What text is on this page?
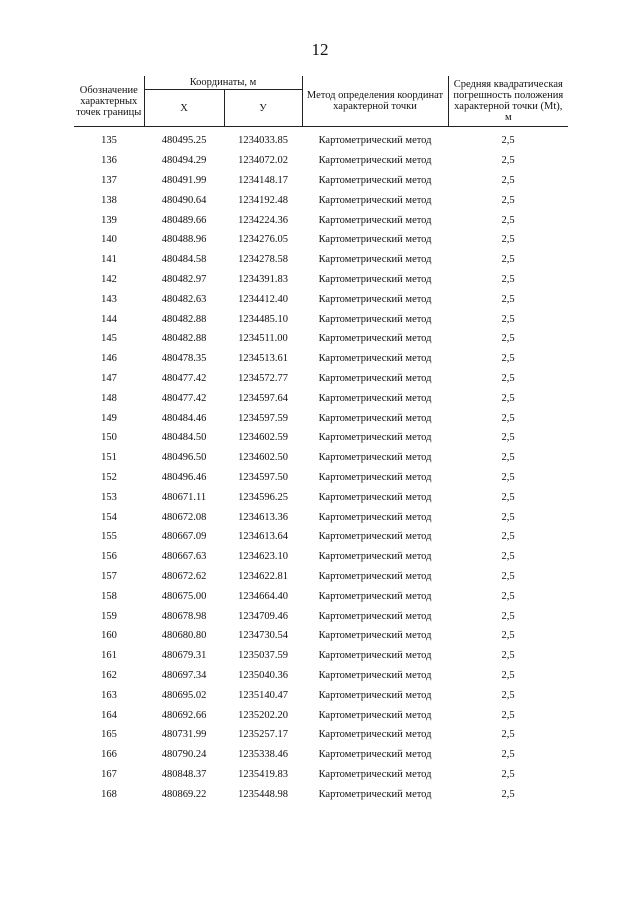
12
Обозначение характерных точек границы	Координаты, м		Метод определения координат характерной точки	Средняя квадратическая погрешность положения характерной точки (Mt), м
	X	У		
135	480495.25	1234033.85	Картометрический метод	2,5
136	480494.29	1234072.02	Картометрический метод	2,5
137	480491.99	1234148.17	Картометрический метод	2,5
138	480490.64	1234192.48	Картометрический метод	2,5
139	480489.66	1234224.36	Картометрический метод	2,5
140	480488.96	1234276.05	Картометрический метод	2,5
141	480484.58	1234278.58	Картометрический метод	2,5
142	480482.97	1234391.83	Картометрический метод	2,5
143	480482.63	1234412.40	Картометрический метод	2,5
144	480482.88	1234485.10	Картометрический метод	2,5
145	480482.88	1234511.00	Картометрический метод	2,5
146	480478.35	1234513.61	Картометрический метод	2,5
147	480477.42	1234572.77	Картометрический метод	2,5
148	480477.42	1234597.64	Картометрический метод	2,5
149	480484.46	1234597.59	Картометрический метод	2,5
150	480484.50	1234602.59	Картометрический метод	2,5
151	480496.50	1234602.50	Картометрический метод	2,5
152	480496.46	1234597.50	Картометрический метод	2,5
153	480671.11	1234596.25	Картометрический метод	2,5
154	480672.08	1234613.36	Картометрический метод	2,5
155	480667.09	1234613.64	Картометрический метод	2,5
156	480667.63	1234623.10	Картометрический метод	2,5
157	480672.62	1234622.81	Картометрический метод	2,5
158	480675.00	1234664.40	Картометрический метод	2,5
159	480678.98	1234709.46	Картометрический метод	2,5
160	480680.80	1234730.54	Картометрический метод	2,5
161	480679.31	1235037.59	Картометрический метод	2,5
162	480697.34	1235040.36	Картометрический метод	2,5
163	480695.02	1235140.47	Картометрический метод	2,5
164	480692.66	1235202.20	Картометрический метод	2,5
165	480731.99	1235257.17	Картометрический метод	2,5
166	480790.24	1235338.46	Картометрический метод	2,5
167	480848.37	1235419.83	Картометрический метод	2,5
168	480869.22	1235448.98	Картометрический метод	2,5
